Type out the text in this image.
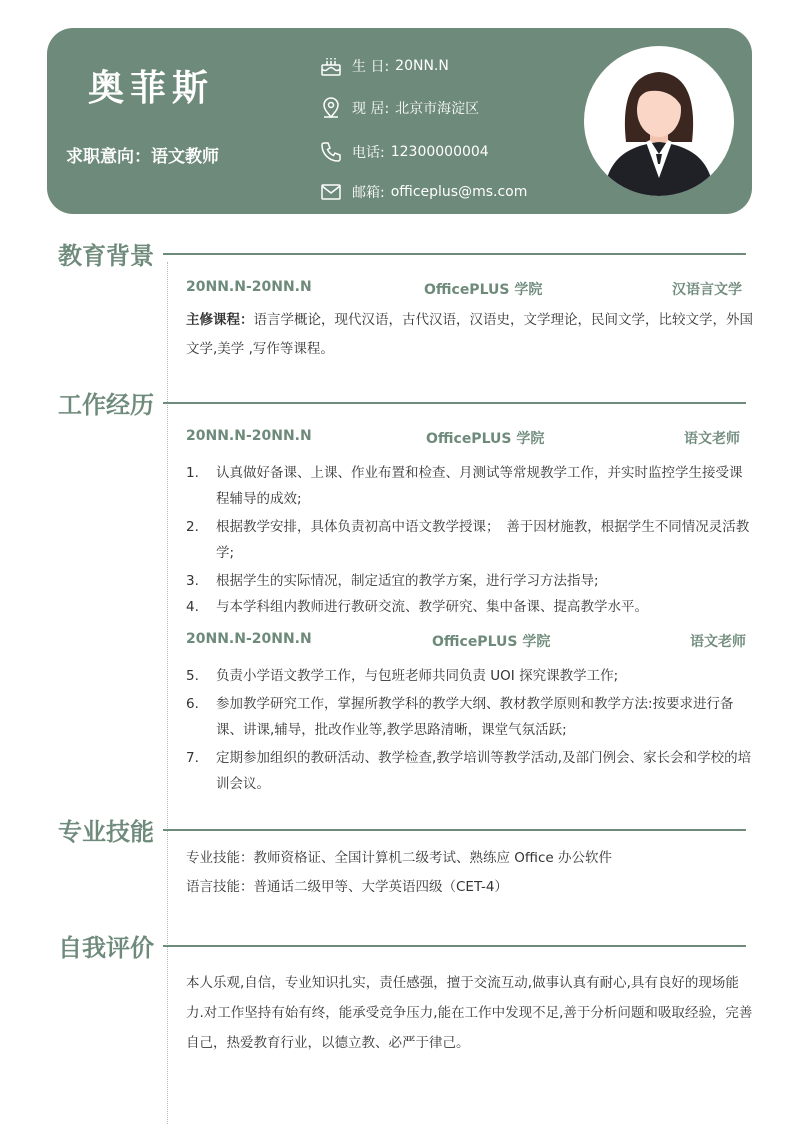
奥菲斯
求职意向：语文教师
生 日: 20NN.N
现 居: 北京市海淀区
电话: 12300000004
邮箱: officeplus@ms.com
教育背景
20NN.N-20NN.N	OfficePLUS 学院	汉语言文学
主修课程：语言学概论，现代汉语，古代汉语，汉语史，文学理论，民间文学，比较文学，外国文学,美学 ,写作等课程。
工作经历
20NN.N-20NN.N	OfficePLUS 学院	语文老师
1. 认真做好备课、上课、作业布置和检查、月测试等常规教学工作，并实时监控学生接受课程辅导的成效;
2. 根据教学安排，具体负责初高中语文教学授课；　善于因材施教，根据学生不同情况灵活教学;
3. 根据学生的实际情况，制定适宜的教学方案，进行学习方法指导;
4. 与本学科组内教师进行教研交流、教学研究、集中备课、提高教学水平。
20NN.N-20NN.N	OfficePLUS 学院	语文老师
5. 负责小学语文教学工作，与包班老师共同负责 UOI 探究课教学工作;
6. 参加教学研究工作，掌握所教学科的教学大纲、教材教学原则和教学方法:按要求进行备课、讲课,辅导，批改作业等,教学思路清晰，课堂气氛活跃;
7. 定期参加组织的教研活动、教学检查,教学培训等教学活动,及部门例会、家长会和学校的培训会议。
专业技能
专业技能：教师资格证、全国计算机二级考试、熟练应 Office 办公软件
语言技能：普通话二级甲等、大学英语四级（CET-4）
自我评价
本人乐观,自信，专业知识扎实，责任感强，擅于交流互动,做事认真有耐心,具有良好的现场能力.对工作坚持有始有终，能承受竞争压力,能在工作中发现不足,善于分析问题和吸取经验，完善自己，热爱教育行业，以德立教、必严于律己。
